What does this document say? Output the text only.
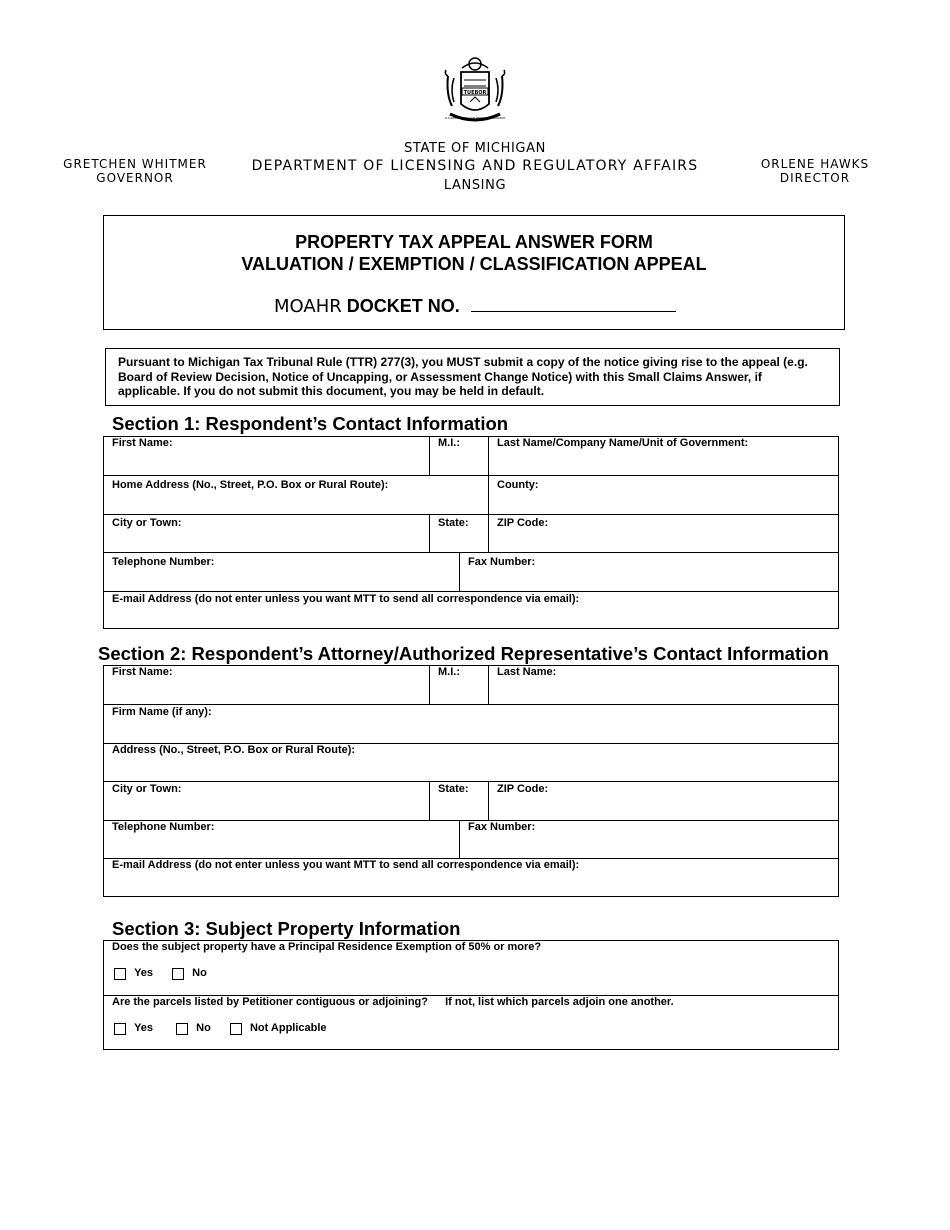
TUEBOR
SI QUAERIS PENINSULAM AMOENAM CIRCUMSPICE
GRETCHEN WHITMER
GOVERNOR
STATE OF MICHIGAN
DEPARTMENT OF LICENSING AND REGULATORY AFFAIRS
LANSING
ORLENE HAWKS
DIRECTOR
PROPERTY TAX APPEAL ANSWER FORM
VALUATION / EXEMPTION / CLASSIFICATION APPEAL
MOAHR DOCKET NO.
Pursuant to Michigan Tax Tribunal Rule (TTR) 277(3), you MUST submit a copy of the notice giving rise to the appeal (e.g. Board of Review Decision, Notice of Uncapping, or Assessment Change Notice) with this Small Claims Answer, if applicable. If you do not submit this document, you may be held in default.
Section 1: Respondent’s Contact Information
First Name:	M.I.:	Last Name/Company Name/Unit of Government:
Home Address (No., Street, P.O. Box or Rural Route):	County:
City or Town:	State:	ZIP Code:
Telephone Number:	Fax Number:
E-mail Address (do not enter unless you want MTT to send all correspondence via email):
Section 2: Respondent’s Attorney/Authorized Representative’s Contact Information
First Name:	M.I.:	Last Name:
Firm Name (if any):
Address (No., Street, P.O. Box or Rural Route):
City or Town:	State:	ZIP Code:
Telephone Number:	Fax Number:
E-mail Address (do not enter unless you want MTT to send all correspondence via email):
Section 3: Subject Property Information
Does the subject property have a Principal Residence Exemption of 50% or more?
Yes	No
Are the parcels listed by Petitioner contiguous or adjoining? If not, list which parcels adjoin one another.
Yes	No	Not Applicable
